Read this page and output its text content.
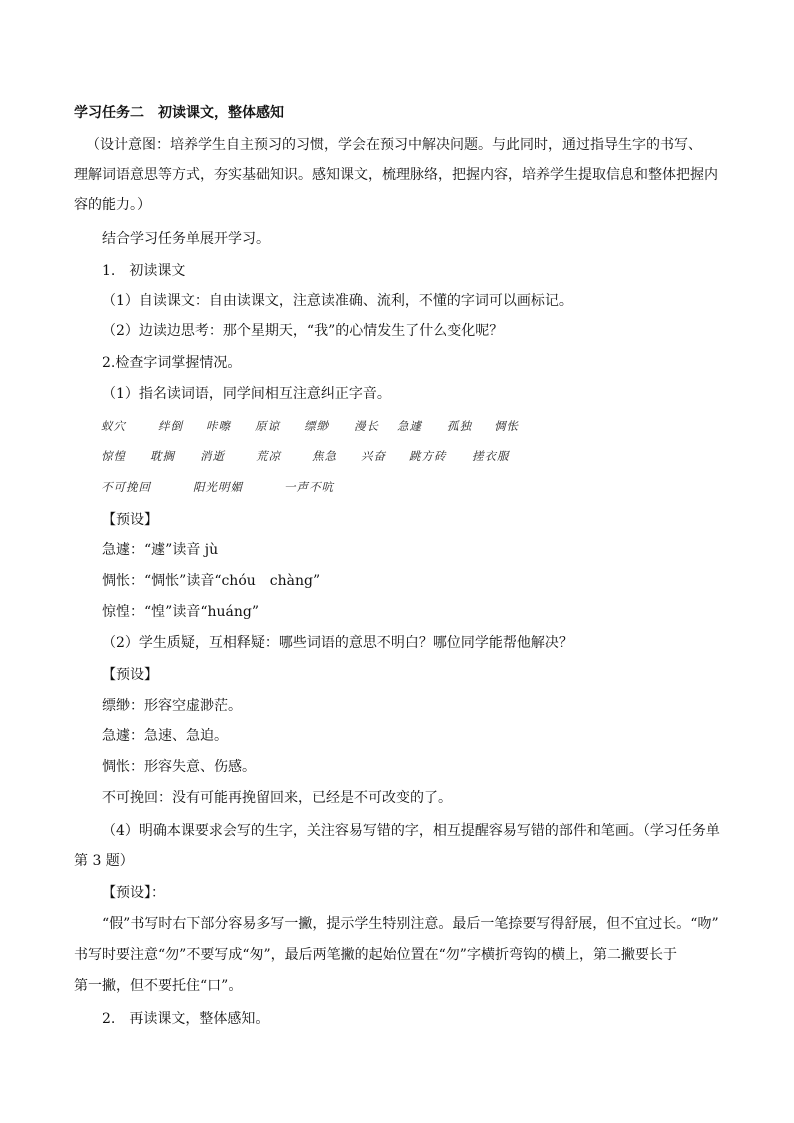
学习任务二　初读课文，整体感知
（设计意图：培养学生自主预习的习惯，学会在预习中解决问题。与此同时，通过指导生字的书写、
理解词语意思等方式，夯实基础知识。感知课文，梳理脉络，把握内容，培养学生提取信息和整体把握内
容的能力。）
结合学习任务单展开学习。
1.　初读课文
（1）自读课文：自由读课文，注意读准确、流利，不懂的字词可以画标记。
（2）边读边思考：那个星期天，“我”的心情发生了什么变化呢？
2.检查字词掌握情况。
（1）指名读词语，同学间相互注意纠正字音。
蚁穴	绊倒 咔嚓 原谅 缥缈 漫长 急遽 孤独 惆怅
惊惶 耽搁 消逝	荒凉	焦急 兴奋 跳方砖 搓衣服
不可挽回	阳光明媚	一声不吭
【预设】
急遽：“遽”读音 jù
惆怅：“惆怅”读音“chóu　chàng”
惊惶：“惶”读音“huáng”
（2）学生质疑，互相释疑：哪些词语的意思不明白？哪位同学能帮他解决？
【预设】
缥缈：形容空虚渺茫。
急遽：急速、急迫。
惆怅：形容失意、伤感。
不可挽回：没有可能再挽留回来，已经是不可改变的了。
（4）明确本课要求会写的生字，关注容易写错的字，相互提醒容易写错的部件和笔画。（学习任务单
第 3 题）
【预设】：
“假”书写时右下部分容易多写一撇，提示学生特别注意。最后一笔捺要写得舒展，但不宜过长。“吻”
书写时要注意“勿”不要写成“匆”，最后两笔撇的起始位置在“勿”字横折弯钩的横上，第二撇要长于
第一撇，但不要托住“口”。
2.　再读课文，整体感知。
